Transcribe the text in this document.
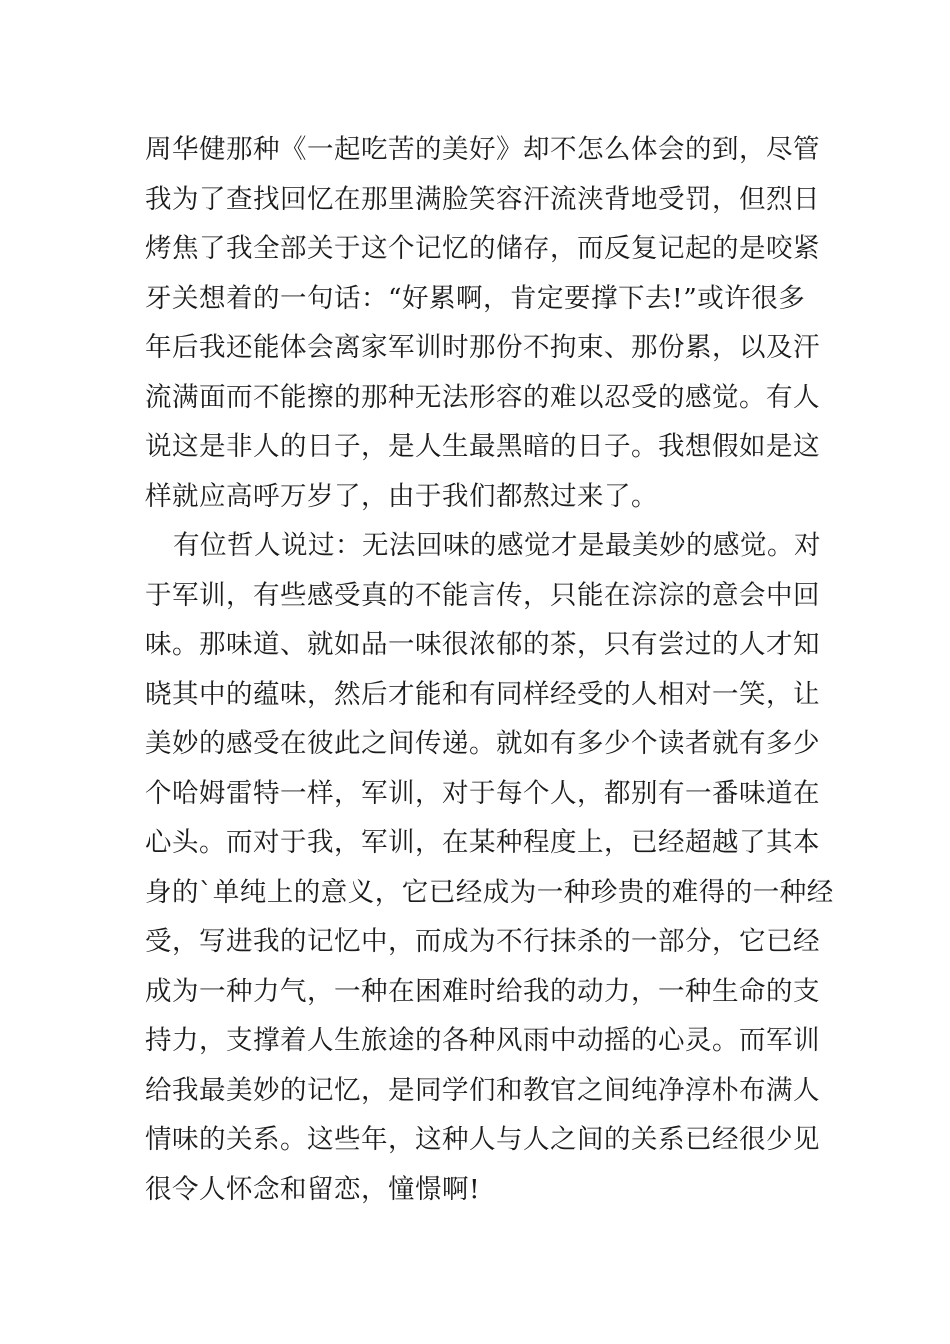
周华健那种《一起吃苦的美好》却不怎么体会的到，尽管
我为了查找回忆在那里满脸笑容汗流浃背地受罚，但烈日
烤焦了我全部关于这个记忆的储存，而反复记起的是咬紧
牙关想着的一句话：“好累啊，肯定要撑下去!”或许很多
年后我还能体会离家军训时那份不拘束、那份累，以及汗
流满面而不能擦的那种无法形容的难以忍受的感觉。有人
说这是非人的日子，是人生最黑暗的日子。我想假如是这
样就应高呼万岁了，由于我们都熬过来了。
有位哲人说过：无法回味的感觉才是最美妙的感觉。对
于军训，有些感受真的不能言传，只能在淙淙的意会中回
味。那味道、就如品一味很浓郁的茶，只有尝过的人才知
晓其中的蕴味，然后才能和有同样经受的人相对一笑，让
美妙的感受在彼此之间传递。就如有多少个读者就有多少
个哈姆雷特一样，军训，对于每个人，都别有一番味道在
心头。而对于我，军训，在某种程度上，已经超越了其本
身的`单纯上的意义，它已经成为一种珍贵的难得的一种经
受，写进我的记忆中，而成为不行抹杀的一部分，它已经
成为一种力气，一种在困难时给我的动力，一种生命的支
持力，支撑着人生旅途的各种风雨中动摇的心灵。而军训
给我最美妙的记忆，是同学们和教官之间纯净淳朴布满人
情味的关系。这些年，这种人与人之间的关系已经很少见
很令人怀念和留恋，憧憬啊!
